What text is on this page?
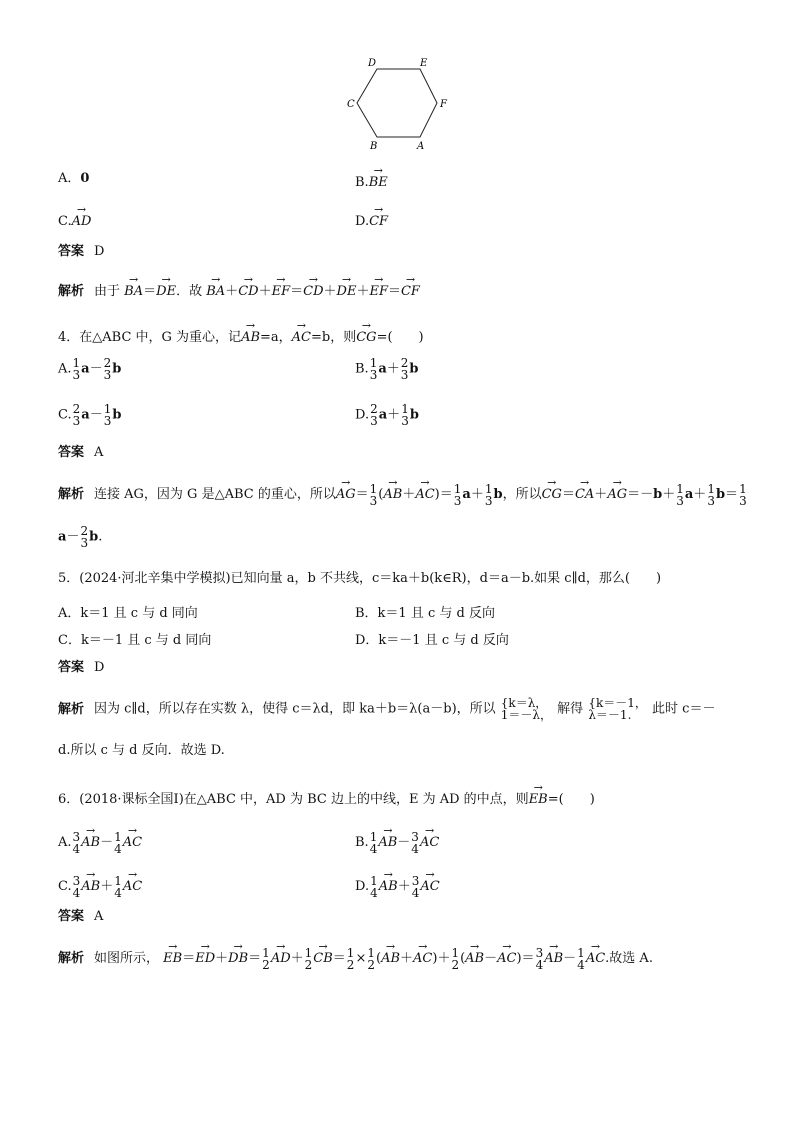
D	E
C	F
B	A
A．0	B.→ BE
C.→ AD	D.→ CF
答案 D
解析 由于 → BA＝→ DE．故 → BA＋→ CD＋→ EF＝→ CD＋→ DE＋→ EF＝→ CF
4．在△ABC 中，G 为重心，记→ AB=a，→ AC=b，则→ CG=(　　)
A. 1
3 a－ 2
3 b	B. 1
3 a＋ 2
3 b
C. 2
3 a－ 1
3 b	D. 2
3 a＋ 1
3 b
答案 A
解析 连接 AG，因为 G 是△ABC 的重心，所以→ AG＝ 1
3 (→ AB＋→ AC)＝ 1
3 a＋ 1
3 b，所以→ CG＝→ CA＋→ AG＝－b＋ 1
3 a＋ 1
3 b＝ 1
3
a－ 2
3 b.
5．(2024·河北辛集中学模拟)已知向量 a，b 不共线，c＝ka＋b(k∈R)，d＝a－b.如果 c∥d，那么(　　)
A．k＝1 且 c 与 d 同向	B．k＝1 且 c 与 d 反向
C．k＝－1 且 c 与 d 同向	D．k＝－1 且 c 与 d 反向
答案 D
解析 因为 c∥d，所以存在实数 λ，使得 c＝λd，即 ka＋b＝λ(a－b)，所以 {k＝λ，
1＝－λ， 解得 {k＝－1，
λ＝－1. 此时 c＝－
d.所以 c 与 d 反向．故选 D.
6．(2018·课标全国Ⅰ)在△ABC 中，AD 为 BC 边上的中线，E 为 AD 的中点，则→ EB=(　　)
A. 3
4 → AB－ 1
4 → AC	B. 1
4 → AB－ 3
4 → AC
C. 3
4 → AB＋ 1
4 → AC	D. 1
4 → AB＋ 3
4 → AC
答案 A
解析 如图所示， → EB＝→ ED＋→ DB＝ 1
2 → AD＋ 1
2 → CB＝ 1
2 × 1
2 (→ AB＋→ AC)＋ 1
2 (→ AB－→ AC)＝ 3
4 → AB－ 1
4 → AC.故选 A.
